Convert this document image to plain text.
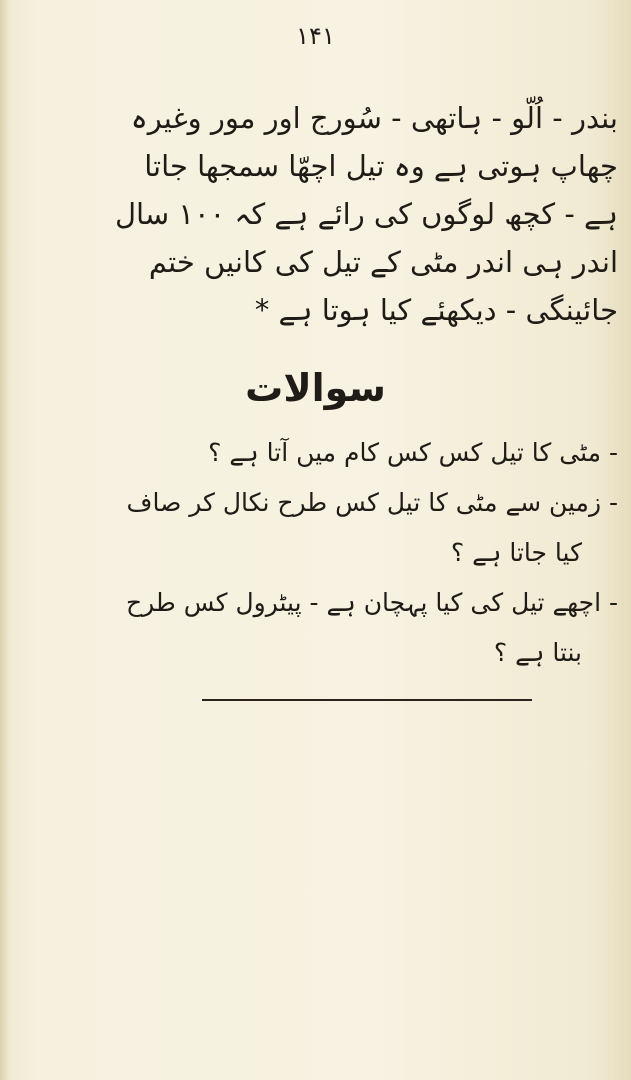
۱۴۱
بندر - اُلّو - ہاتھی - سُورج اور مور وغیرہ
چھاپ ہوتی ہے وہ تیل اچھّا سمجھا جاتا
ہے - کچھ لوگوں کی رائے ہے کہ ۱۰۰ سال
اندر ہی اندر مٹی کے تیل کی کانیں ختم
جائینگی - دیکھئے کیا ہوتا ہے *
سوالات
- مٹی کا تیل کس کس کام میں آتا ہے ؟
- زمین سے مٹی کا تیل کس طرح نکال کر صاف
کیا جاتا ہے ؟
- اچھے تیل کی کیا پہچان ہے - پیٹرول کس طرح
بنتا ہے ؟
